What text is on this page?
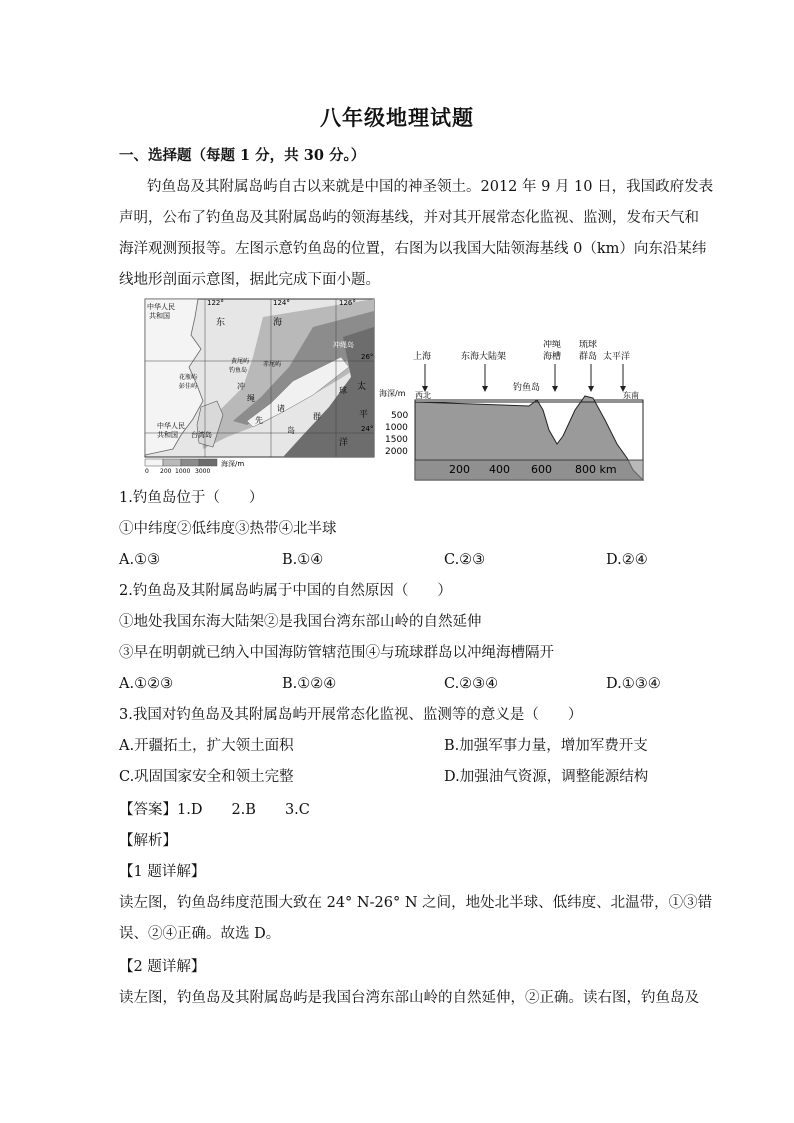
八年级地理试题
一、选择题（每题 1 分，共 30 分。）
钓鱼岛及其附属岛屿自古以来就是中国的神圣领土。2012 年 9 月 10 日，我国政府发表
声明，公布了钓鱼岛及其附属岛屿的领海基线，并对其开展常态化监视、监测，发布天气和
海洋观测预报等。左图示意钓鱼岛的位置，右图为以我国大陆领海基线 0（km）向东沿某纬
线地形剖面示意图，据此完成下面小题。
122°	124°	126°
26°
24°
中华人民
共和国
中华人民
共和国 台湾岛
东	海
冲绳岛
钓鱼岛
赤尾屿
黄尾屿
花瓶屿
彭佳屿	太
平
洋
球
群
岛
冲
绳
先
诸
0 200 1000 3000
海深/m
上海	东海大陆架
冲绳
海槽
琉球
群岛 太平洋
钓鱼岛
海深/m 西北	东南
500
1000
1500
2000
200 400 600 800 km
1.钓鱼岛位于（　　）
①中纬度②低纬度③热带④北半球
A.①③	B.①④	C.②③	D.②④
2.钓鱼岛及其附属岛屿属于中国的自然原因（　　）
①地处我国东海大陆架②是我国台湾东部山岭的自然延伸
③早在明朝就已纳入中国海防管辖范围④与琉球群岛以冲绳海槽隔开
A.①②③	B.①②④	C.②③④	D.①③④
3.我国对钓鱼岛及其附属岛屿开展常态化监视、监测等的意义是（　　）
A.开疆拓土，扩大领土面积	B.加强军事力量，增加军费开支
C.巩固国家安全和领土完整	D.加强油气资源，调整能源结构
【答案】1.D　　2.B　　3.C
【解析】
【1 题详解】
读左图，钓鱼岛纬度范围大致在 24° N-26° N 之间，地处北半球、低纬度、北温带，①③错
误、②④正确。故选 D。
【2 题详解】
读左图，钓鱼岛及其附属岛屿是我国台湾东部山岭的自然延伸，②正确。读右图，钓鱼岛及
